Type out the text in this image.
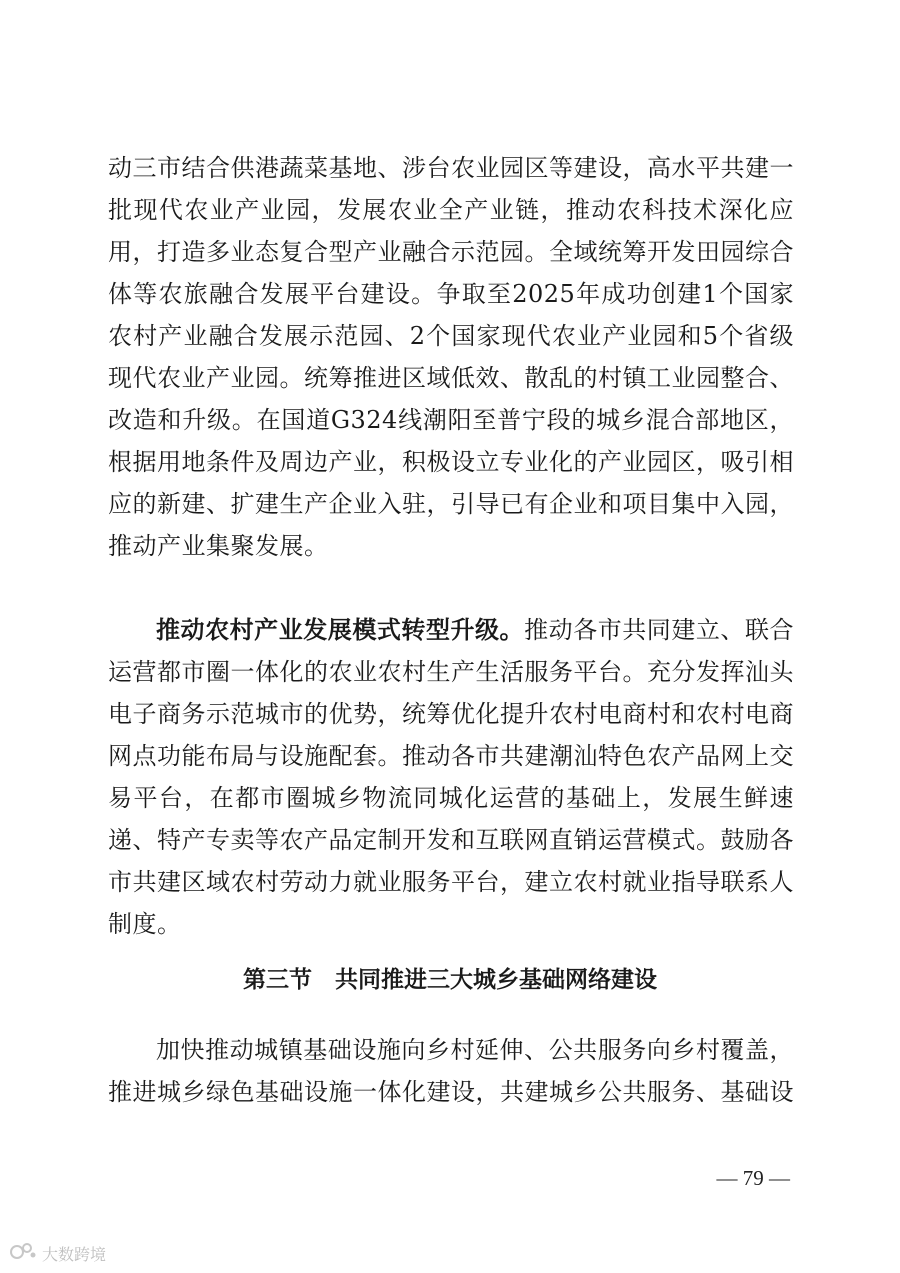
动三市结合供港蔬菜基地、涉台农业园区等建设，高水平共建一批现代农业产业园，发展农业全产业链，推动农科技术深化应用，打造多业态复合型产业融合示范园。全域统筹开发田园综合体等农旅融合发展平台建设。争取至2025年成功创建1个国家农村产业融合发展示范园、2个国家现代农业产业园和5个省级现代农业产业园。统筹推进区域低效、散乱的村镇工业园整合、改造和升级。在国道G324线潮阳至普宁段的城乡混合部地区，根据用地条件及周边产业，积极设立专业化的产业园区，吸引相应的新建、扩建生产企业入驻，引导已有企业和项目集中入园，推动产业集聚发展。

推动农村产业发展模式转型升级。推动各市共同建立、联合运营都市圈一体化的农业农村生产生活服务平台。充分发挥汕头电子商务示范城市的优势，统筹优化提升农村电商村和农村电商网点功能布局与设施配套。推动各市共建潮汕特色农产品网上交易平台，在都市圈城乡物流同城化运营的基础上，发展生鲜速递、特产专卖等农产品定制开发和互联网直销运营模式。鼓励各市共建区域农村劳动力就业服务平台，建立农村就业指导联系人制度。

第三节　共同推进三大城乡基础网络建设

加快推动城镇基础设施向乡村延伸、公共服务向乡村覆盖，推进城乡绿色基础设施一体化建设，共建城乡公共服务、基础设

— 79 —
大数跨境
